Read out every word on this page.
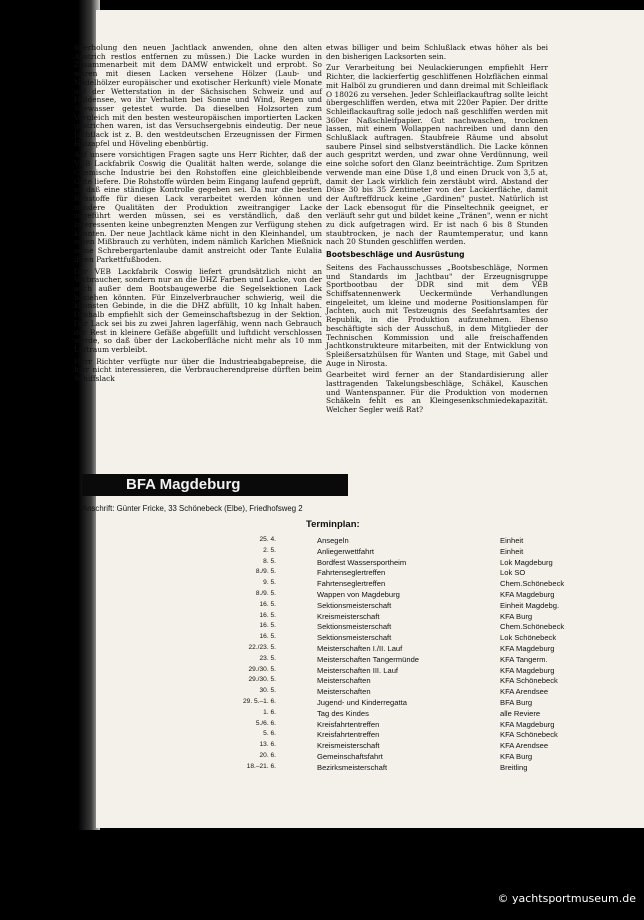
überholung den neuen Jachtlack anwenden, ohne den alten Anstrich restlos entfernen zu müssen.) Die Lacke wurden in Zusammenarbeit mit dem DAMW entwickelt und erprobt. So waren mit diesen Lacken versehene Hölzer (Laub- und Nadelhölzer europäischer und exotischer Herkunft) viele Monate auf der Wetterstation in der Sächsischen Schweiz und auf Hiddensee, wo ihr Verhalten bei Sonne und Wind, Regen und Seewasser getestet wurde. Da dieselben Holzsorten zum Vergleich mit den besten westeuropäischen importierten Lacken gestrichen waren, ist das Versuchsergebnis eindeutig. Der neue Jachtlack ist z. B. den westdeutschen Erzeugnissen der Firmen Holzapfel und Höveling ebenbürtig.

Auf unsere vorsichtigen Fragen sagte uns Herr Richter, daß der VEB Lackfabrik Coswig die Qualität halten werde, solange die Chemische Industrie bei den Rohstoffen eine gleichbleibende Güte liefere. Die Rohstoffe würden beim Eingang laufend geprüft, so daß eine ständige Kontrolle gegeben sei. Da nur die besten Rohstoffe für diesen Lack verarbeitet werden können und mindere Qualitäten der Produktion zweitrangiger Lacke zugeführt werden müssen, sei es verständlich, daß den Interessenten keine unbegrenzten Mengen zur Verfügung stehen könnten. Der neue Jachtlack käme nicht in den Kleinhandel, um einen Mißbrauch zu verhüten, indem nämlich Karlchen Mießnick seine Schrebergartenlaube damit anstreicht oder Tante Eulalia ihren Parkettfußboden.

Der VEB Lackfabrik Coswig liefert grundsätzlich nicht an Verbraucher, sondern nur an die DHZ Farben und Lacke, von der auch außer dem Bootsbaugewerbe die Segelsektionen Lack beziehen könnten. Für Einzelverbraucher schwierig, weil die kleinsten Gebinde, in die die DHZ abfüllt, 10 kg Inhalt haben. Deshalb empfiehlt sich der Gemeinschaftsbezug in der Sektion. Der Lack sei bis zu zwei Jahren lagerfähig, wenn nach Gebrauch der Rest in kleinere Gefäße abgefüllt und luftdicht verschlossen werde, so daß über der Lackoberfläche nicht mehr als 10 mm Luftraum verbleibt.

Herr Richter verfügte nur über die Industrieabgabepreise, die hier nicht interessieren, die Verbraucherendpreise dürften beim Schiffslack

etwas billiger und beim Schlußlack etwas höher als bei den bisherigen Lacksorten sein.

Zur Verarbeitung bei Neulackierungen empfiehlt Herr Richter, die lackierfertig geschliffenen Holzflächen einmal mit Halböl zu grundieren und dann dreimal mit Schleiflack O 18026 zu versehen. Jeder Schleiflackauftrag sollte leicht übergeschliffen werden, etwa mit 220er Papier. Der dritte Schleiflackauftrag solle jedoch naß geschliffen werden mit 360er Naßschleifpapier. Gut nachwaschen, trocknen lassen, mit einem Wollappen nachreiben und dann den Schlußlack auftragen. Staubfreie Räume und absolut saubere Pinsel sind selbstverständlich. Die Lacke können auch gespritzt werden, und zwar ohne Verdünnung, weil eine solche sofort den Glanz beeinträchtige. Zum Spritzen verwende man eine Düse 1,8 und einen Druck von 3,5 at, damit der Lack wirklich fein zerstäubt wird. Abstand der Düse 30 bis 35 Zentimeter von der Lackierfläche, damit der Auftreffdruck keine „Gardinen" pustet. Natürlich ist der Lack ebensogut für die Pinseltechnik geeignet, er verläuft sehr gut und bildet keine „Tränen", wenn er nicht zu dick aufgetragen wird. Er ist nach 6 bis 8 Stunden staubtrocken, je nach der Raumtemperatur, und kann nach 20 Stunden geschliffen werden.

Bootsbeschläge und Ausrüstung

Seitens des Fachausschusses „Bootsbeschläge, Normen und Standards im Jachtbau" der Erzeugnisgruppe Sportbootbau der DDR sind mit dem VEB Schiffsatennenwerk Ueckermünde Verhandlungen eingeleitet, um kleine und moderne Positionslampen für Jachten, auch mit Testzeugnis des Seefahrtsamtes der Republik, in die Produktion aufzunehmen. Ebenso beschäftigte sich der Ausschuß, in dem Mitglieder der Technischen Kommission und alle freischaffenden Jachtkonstrukteure mitarbeiten, mit der Entwicklung von Spleißersatzhülsen für Wanten und Stage, mit Gabel und Auge in Nirosta.

Gearbeitet wird ferner an der Standardisierung aller lasttragenden Takelungsbeschläge, Schäkel, Kauschen und Wantenspanner. Für die Produktion von modernen Schäkeln fehlt es an Kleingesenkschmiedekapazität. Welcher Segler weiß Rat?

BFA Magdeburg
Anschrift: Günter Fricke, 33 Schönebeck (Elbe), Friedhofsweg 2
Terminplan:
25. 4.	Ansegeln	Einheit
2. 5.	Anliegerwettfahrt	Einheit
8. 5.	Bordfest Wassersportheim	Lok Magdeburg
8./9. 5.	Fahrtenseglertreffen	Lok SO
9. 5.	Fahrtenseglertreffen	Chem.Schönebeck
8./9. 5.	Wappen von Magdeburg	KFA Magdeburg
16. 5.	Sektionsmeisterschaft	Einheit Magdebg.
16. 5.	Kreismeisterschaft	KFA Burg
16. 5.	Sektionsmeisterschaft	Chem.Schönebeck
16. 5.	Sektionsmeisterschaft	Lok Schönebeck
22./23. 5.	Meisterschaften I./II. Lauf	KFA Magdeburg
23. 5.	Meisterschaften Tangermünde	KFA Tangerm.
29./30. 5.	Meisterschaften III. Lauf	KFA Magdeburg
29./30. 5.	Meisterschaften	KFA Schönebeck
30. 5.	Meisterschaften	KFA Arendsee
29. 5.–1. 6.	Jugend- und Kinderregatta	BFA Burg
1. 6.	Tag des Kindes	alle Reviere
5./6. 6.	Kreisfahrtentreffen	KFA Magdeburg
5. 6.	Kreisfahrtentreffen	KFA Schönebeck
13. 6.	Kreismeisterschaft	KFA Arendsee
20. 6.	Gemeinschaftsfahrt	KFA Burg
18.–21. 6.	Bezirksmeisterschaft	Breitling
© yachtsportmuseum.de
